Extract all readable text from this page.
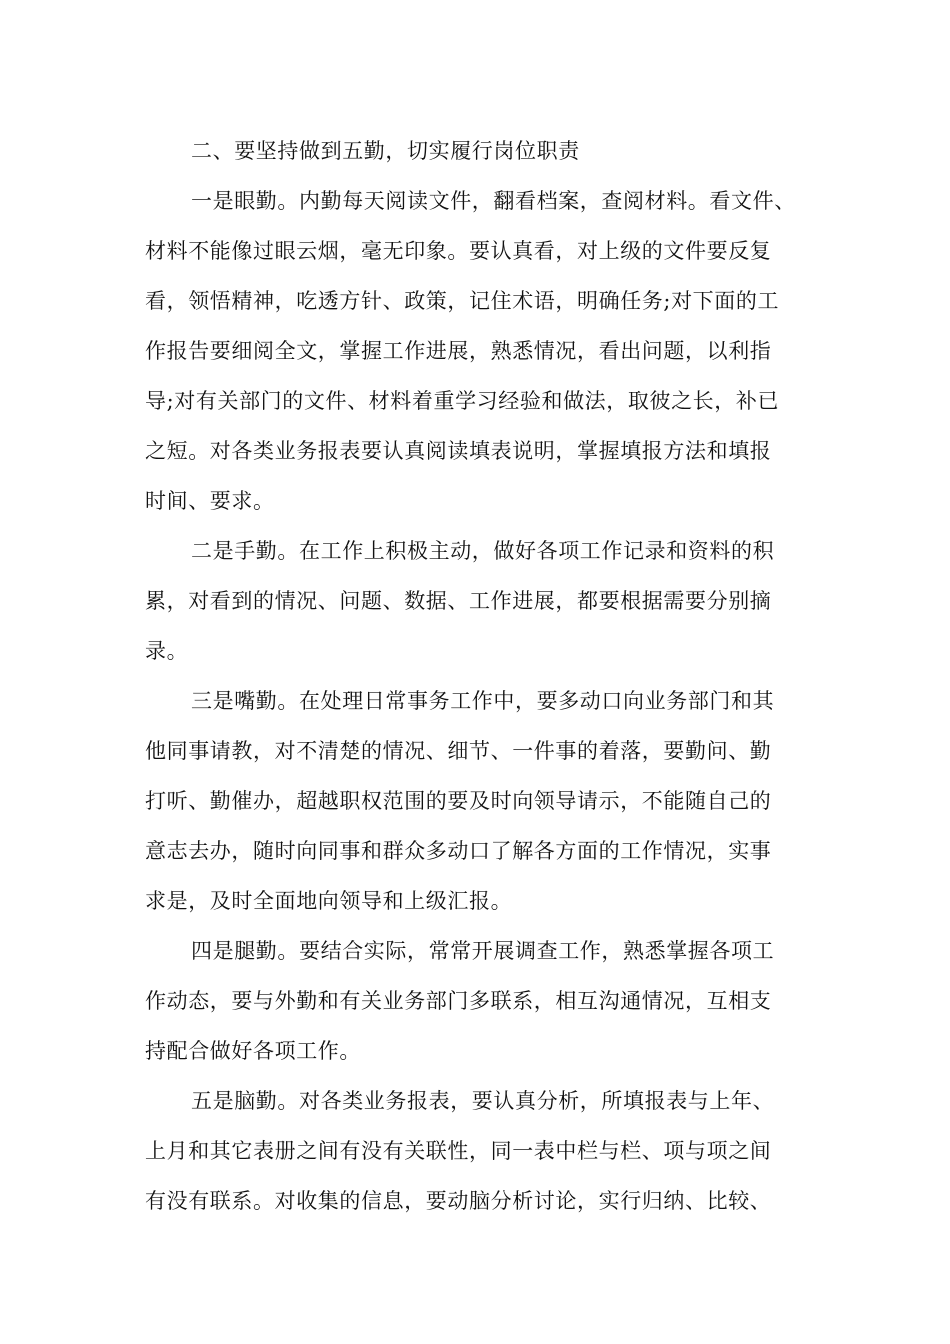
二、要坚持做到五勤，切实履行岗位职责
一是眼勤。内勤每天阅读文件，翻看档案，查阅材料。看文件、
材料不能像过眼云烟，毫无印象。要认真看，对上级的文件要反复
看，领悟精神，吃透方针、政策，记住术语，明确任务;对下面的工
作报告要细阅全文，掌握工作进展，熟悉情况，看出问题，以利指
导;对有关部门的文件、材料着重学习经验和做法，取彼之长，补已
之短。对各类业务报表要认真阅读填表说明，掌握填报方法和填报
时间、要求。
二是手勤。在工作上积极主动，做好各项工作记录和资料的积
累，对看到的情况、问题、数据、工作进展，都要根据需要分别摘
录。
三是嘴勤。在处理日常事务工作中，要多动口向业务部门和其
他同事请教，对不清楚的情况、细节、一件事的着落，要勤问、勤
打听、勤催办，超越职权范围的要及时向领导请示，不能随自己的
意志去办，随时向同事和群众多动口了解各方面的工作情况，实事
求是，及时全面地向领导和上级汇报。
四是腿勤。要结合实际，常常开展调查工作，熟悉掌握各项工
作动态，要与外勤和有关业务部门多联系，相互沟通情况，互相支
持配合做好各项工作。
五是脑勤。对各类业务报表，要认真分析，所填报表与上年、
上月和其它表册之间有没有关联性，同一表中栏与栏、项与项之间
有没有联系。对收集的信息，要动脑分析讨论，实行归纳、比较、
